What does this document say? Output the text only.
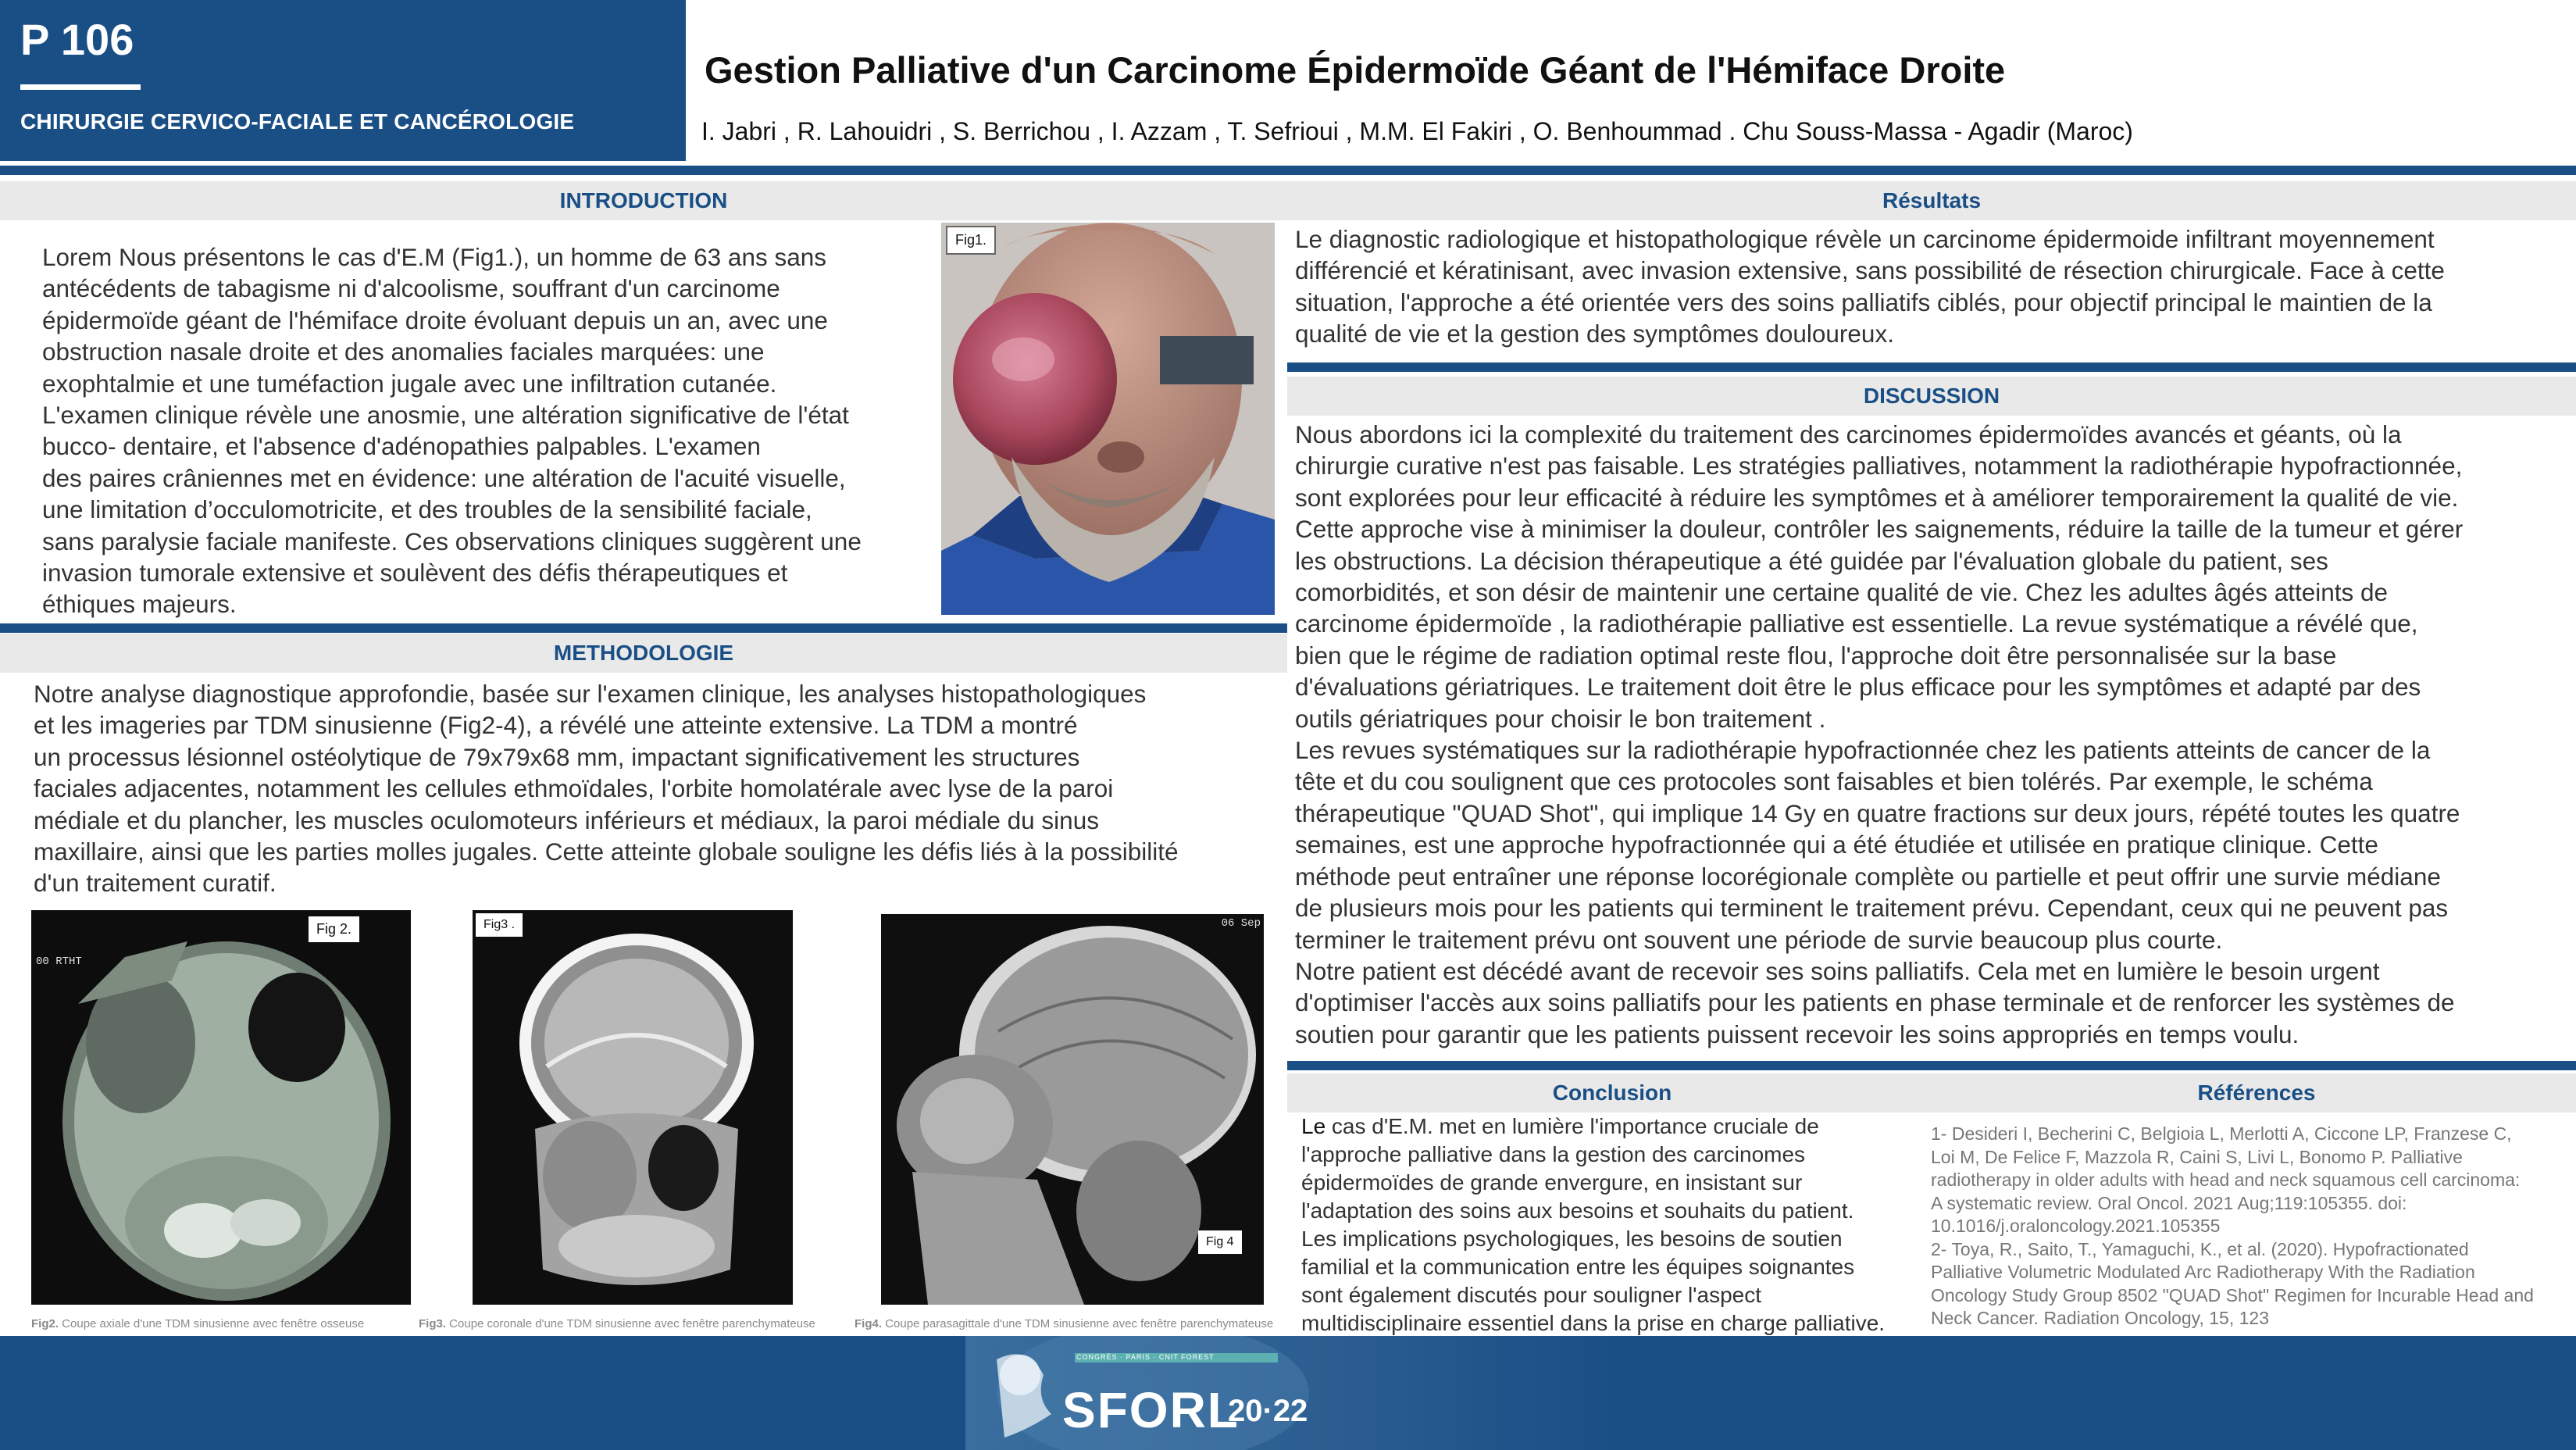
P 106
CHIRURGIE CERVICO-FACIALE ET CANCÉROLOGIE
Gestion Palliative d'un Carcinome Épidermoïde Géant de l'Hémiface Droite
I. Jabri , R. Lahouidri , S. Berrichou , I. Azzam , T. Sefrioui , M.M. El Fakiri , O. Benhoummad . Chu Souss-Massa - Agadir (Maroc)
INTRODUCTION
Lorem Nous présentons le cas d'E.M (Fig1.), un homme de 63 ans sans
antécédents de tabagisme ni d'alcoolisme, souffrant d'un carcinome
épidermoïde géant de l'hémiface droite évoluant depuis un an, avec une
obstruction nasale droite et des anomalies faciales marquées: une
exophtalmie et une tuméfaction jugale avec une infiltration cutanée.
L'examen clinique révèle une anosmie, une altération significative de l'état
bucco- dentaire, et l'absence d'adénopathies palpables. L'examen
des paires crâniennes met en évidence: une altération de l'acuité visuelle,
une limitation d’occulomotricite, et des troubles de la sensibilité faciale,
sans paralysie faciale manifeste. Ces observations cliniques suggèrent une
invasion tumorale extensive et soulèvent des défis thérapeutiques et
éthiques majeurs.
Fig1.
METHODOLOGIE
Notre analyse diagnostique approfondie, basée sur l'examen clinique, les analyses histopathologiques
et les imageries par TDM sinusienne (Fig2-4), a révélé une atteinte extensive. La TDM a montré
un processus lésionnel ostéolytique de 79x79x68 mm, impactant significativement les structures
faciales adjacentes, notamment les cellules ethmoïdales, l'orbite homolatérale avec lyse de la paroi
médiale et du plancher, les muscles oculomoteurs inférieurs et médiaux, la paroi médiale du sinus
maxillaire, ainsi que les parties molles jugales. Cette atteinte globale souligne les défis liés à la possibilité
d'un traitement curatif.
Fig 2.
00 RTHT
Fig3 .
Fig 4
06 Sep
Fig2. Coupe axiale d'une TDM sinusienne avec fenêtre osseuse	Fig3. Coupe coronale d'une TDM sinusienne avec fenêtre parenchymateuse	Fig4. Coupe parasagittale d'une TDM sinusienne avec fenêtre parenchymateuse
Résultats
Le diagnostic radiologique et histopathologique révèle un carcinome épidermoide infiltrant moyennement
différencié et kératinisant, avec invasion extensive, sans possibilité de résection chirurgicale. Face à cette
situation, l'approche a été orientée vers des soins palliatifs ciblés, pour objectif principal le maintien de la
qualité de vie et la gestion des symptômes douloureux.
DISCUSSION
Nous abordons ici la complexité du traitement des carcinomes épidermoïdes avancés et géants, où la
chirurgie curative n'est pas faisable. Les stratégies palliatives, notamment la radiothérapie hypofractionnée,
sont explorées pour leur efficacité à réduire les symptômes et à améliorer temporairement la qualité de vie.
Cette approche vise à minimiser la douleur, contrôler les saignements, réduire la taille de la tumeur et gérer
les obstructions. La décision thérapeutique a été guidée par l'évaluation globale du patient, ses
comorbidités, et son désir de maintenir une certaine qualité de vie. Chez les adultes âgés atteints de
carcinome épidermoïde , la radiothérapie palliative est essentielle. La revue systématique a révélé que,
bien que le régime de radiation optimal reste flou, l'approche doit être personnalisée sur la base
d'évaluations gériatriques. Le traitement doit être le plus efficace pour les symptômes et adapté par des
outils gériatriques pour choisir le bon traitement .
Les revues systématiques sur la radiothérapie hypofractionnée chez les patients atteints de cancer de la
tête et du cou soulignent que ces protocoles sont faisables et bien tolérés. Par exemple, le schéma
thérapeutique "QUAD Shot", qui implique 14 Gy en quatre fractions sur deux jours, répété toutes les quatre
semaines, est une approche hypofractionnée qui a été étudiée et utilisée en pratique clinique. Cette
méthode peut entraîner une réponse locorégionale complète ou partielle et peut offrir une survie médiane
de plusieurs mois pour les patients qui terminent le traitement prévu. Cependant, ceux qui ne peuvent pas
terminer le traitement prévu ont souvent une période de survie beaucoup plus courte.
Notre patient est décédé avant de recevoir ses soins palliatifs. Cela met en lumière le besoin urgent
d'optimiser l'accès aux soins palliatifs pour les patients en phase terminale et de renforcer les systèmes de
soutien pour garantir que les patients puissent recevoir les soins appropriés en temps voulu.
Conclusion	Références
Le cas d'E.M. met en lumière l'importance cruciale de
l'approche palliative dans la gestion des carcinomes
épidermoïdes de grande envergure, en insistant sur
l'adaptation des soins aux besoins et souhaits du patient.
Les implications psychologiques, les besoins de soutien
familial et la communication entre les équipes soignantes
sont également discutés pour souligner l'aspect
multidisciplinaire essentiel dans la prise en charge palliative.
1- Desideri I, Becherini C, Belgioia L, Merlotti A, Ciccone LP, Franzese C,
Loi M, De Felice F, Mazzola R, Caini S, Livi L, Bonomo P. Palliative
radiotherapy in older adults with head and neck squamous cell carcinoma:
A systematic review. Oral Oncol. 2021 Aug;119:105355. doi:
10.1016/j.oraloncology.2021.105355
2- Toya, R., Saito, T., Yamaguchi, K., et al. (2020). Hypofractionated
Palliative Volumetric Modulated Arc Radiotherapy With the Radiation
Oncology Study Group 8502 "QUAD Shot" Regimen for Incurable Head and
Neck Cancer. Radiation Oncology, 15, 123
CONGRÈS · PARIS · CNIT FOREST
SFORL
20·22
